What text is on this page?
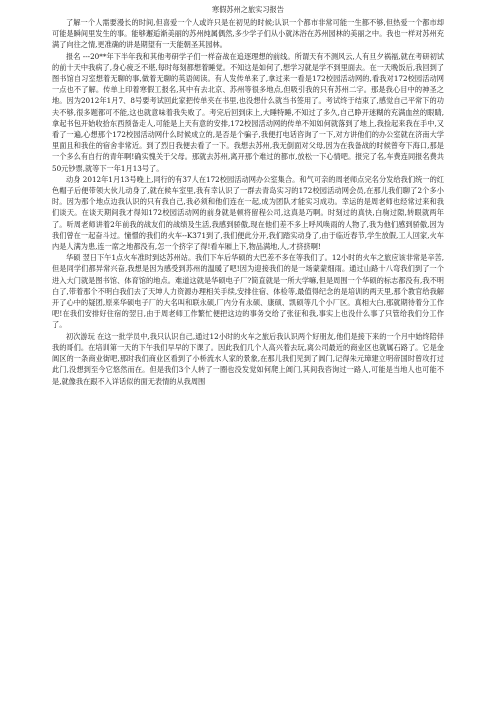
寒假苏州之旅实习报告

了解一个人需要漫长的时间,但喜爱一个人或许只是在初见的时候;认识一个都市非常可能一生都不够,但热爱一个都市却可能是瞬间里发生的事。能够邂逅渐美丽的苏州纯属偶然,多少学子们从小就沐浴在苏州园林的美丽之中。我也一样对苏州充满了向往之情,更准确的讲是期望有一天能朝圣其园林。

报名 ---20**年下半年我和其他考研学子们一样奋战在追逐理想的前线。所谓天有不测风云,人有旦夕祸福,就在考研初试的前十天中我病了,身心疲乏不堪,每时每刻都想着睡觉。不知这是如何了,想学习就是学不到里面去。在一天晚饭后,我回到了图书馆自习室想着无聊的事,做着无聊的英语阅读。有人发传单来了,拿过来一看是172校园活动网的,看我对172校园活动网一点也不了解。传单上印着寒假工报名,其中有去北京、苏州等很多地点,但吸引我的只有苏州二字。那是我心目中的神圣之地。因为2012年1月7、8号要考试回此家把传单夹在书里,也没想什么就当书签用了。考试终于结束了,感觉自己平常下的功夫不够,很多题都可不能,这也就意味着我失败了。考完后回到床上,大睡特睡,不知过了多久,自己睁开迷糊的充满血丝的眼睛,拿起书包开始收拾东西预备走人,可能是上天有意的安排,172校园活动网的传单不知如何就落到了地上,我捡起来我在手中,又看了一遍,心想那个172校园活动网什么时候成立的,是否是个骗子,我便打电话咨询了一下,对方讲他们的办公室就在济南大学里面且和我住的宿舍非常近。到了烈日我便去看了一下。我想去苏州,我无倒面对父母,因为在我备战的时候曾夸下海口,那是一个多么有自行的青年啊!确实愧关于父母。那就去苏州,离开那个难过的都市,放松一下心情吧。报完了名,车费连同报名费共50元钞票,就等下一年1月13号了。

动身 2012年1月13号晚上,同行的有37人在172校园活动网办公室集合。和气可亲的周老师点完名分发给我们统一的红色帽子后便带领大伙儿动身了,就在候车室里,我有幸认识了一群去青岛实习的172校园活动网会员,在那儿我们聊了2个多小时。因为那个地点边我认识的只有我自己,我必须和他们连在一起,成为团队才能实习成功。幸运的是周老师也经常过来和我们谈天。在谈天期间我才得知172校园活动网的前身就是顿将留程公司,这真是巧啊。时刻过的真快,白驹过隙,转眼就两年了。听周老师讲着2年前我的战友们的战绩及生活,我感到骄傲,现在他们差不多上呼风唤雨的人物了,我为他们感到骄傲,因为我们曾在一起奋斗过。憧憬的我们的火车--K371到了,我们便此分开,我们踏实动身了,由于临近春节,学生放假,工人回家,火车内是人满为患,连一席之地都没有,怎一个挤字了得!看车厢上下,物品满地,人,才挤挤啊!

华硕 翌日下午1点火车准时到达苏州站。我们下车后华硕的大巴差不多在等我们了。12小时的火车之旅应该非常是辛苦,但是同学们都异常兴奋,我想是因为感受到苏州的温暖了吧!因为迎接我们的是一场蒙蒙细雨。通过山路十八弯我们到了一个进入大门就是图书馆、体育馆的地点。难道这就是华硕电子厂?简直就是一所大学嘛,但是周围一个华硕的标志都没有,我不明白了,带着那个不明白我们去了天坤人力资源办理相关手续,安排住宿、体检等,最值得纪念的是培训的两天里,那个教官给我解开了心中的疑团,原来华硕电子厂的大名叫和联永硕,厂内分有永硕、康硕、凯硕等几个小厂区。真相大白,那就期待着分工作吧!在我们安排好住宿的翌日,由于周老师工作繁忙便把这边的事务交给了张征和我,事实上也没什么事了只管给我们分工作了。

初次游玩 在这一批学员中,我只认识自己,通过12小时的火车之旅后我认识两个好朋友,他们是接下来的一个月中始终陪伴我的哥们。在培训第一天的下午我们早早的下课了。因此我们几个人高兴着去玩,离公司最近的商业区也就属石路了。它是金阊区的一条商业街吧,那时我们商业区看到了小桥流水人家的景象,在那儿我们见到了阊门,记得朱元璋建立明帝国时曾攻打过此门,没想到至今它悠然而在。但是我们3个人转了一圈也没发觉如何爬上阊门,其间我咨询过一路人,可能是当地人也可能不是,就像我在跟不入详话似的面无表情的从我周围
